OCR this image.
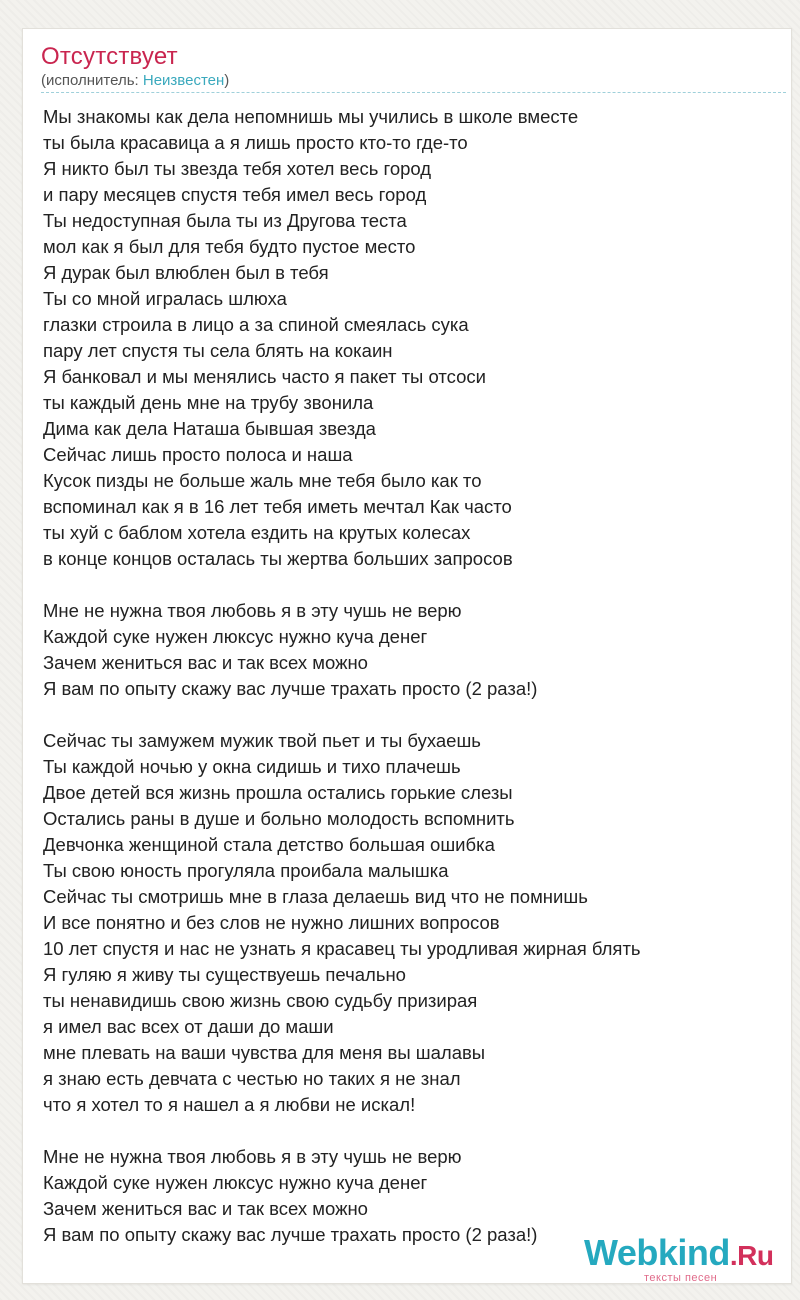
Отсутствует
(исполнитель: Неизвестен)
Мы знакомы как дела непомнишь мы учились в школе вместе
ты была красавица а я лишь просто кто-то где-то
Я никто был ты звезда тебя хотел весь город
и пару месяцев спустя тебя имел весь город
Ты недоступная была ты из Другова теста
мол как я был для тебя будто пустое место
Я дурак был влюблен был в тебя
Ты со мной игралась шлюха
глазки строила в лицо а за спиной смеялась сука
пару лет спустя ты села блять на кокаин
Я банковал и мы менялись часто я пакет ты отсоси
ты каждый день мне на трубу звонила
Дима как дела Наташа бывшая звезда
Сейчас лишь просто полоса и наша
Кусок пизды не больше жаль мне тебя было как то
вспоминал как я в 16 лет тебя иметь мечтал Как часто
ты хуй с баблом хотела ездить на крутых колесах
в конце концов осталась ты жертва больших запросов
Мне не нужна твоя любовь я в эту чушь не верю
Каждой суке нужен люксус нужно куча денег
Зачем жениться вас и так всех можно
Я вам по опыту скажу вас лучше трахать просто (2 раза!)
Сейчас ты замужем мужик твой пьет и ты бухаешь
Ты каждой ночью у окна сидишь и тихо плачешь
Двое детей вся жизнь прошла остались горькие слезы
Остались раны в душе и больно молодость вспомнить
Девчонка женщиной стала детство большая ошибка
Ты свою юность прогуляла проибала малышка
Сейчас ты смотришь мне в глаза делаешь вид что не помнишь
И все понятно и без слов не нужно лишних вопросов
10 лет спустя и нас не узнать я красавец ты уродливая жирная блять
Я гуляю я живу ты существуешь печально
ты ненавидишь свою жизнь свою судьбу призирая
я имел вас всех от даши до маши
мне плевать на ваши чувства для меня вы шалавы
я знаю есть девчата с честью но таких я не знал
что я хотел то я нашел а я любви не искал!
Мне не нужна твоя любовь я в эту чушь не верю
Каждой суке нужен люксус нужно куча денег
Зачем жениться вас и так всех можно
Я вам по опыту скажу вас лучше трахать просто (2 раза!)	Webkind.Ru
тексты песен
